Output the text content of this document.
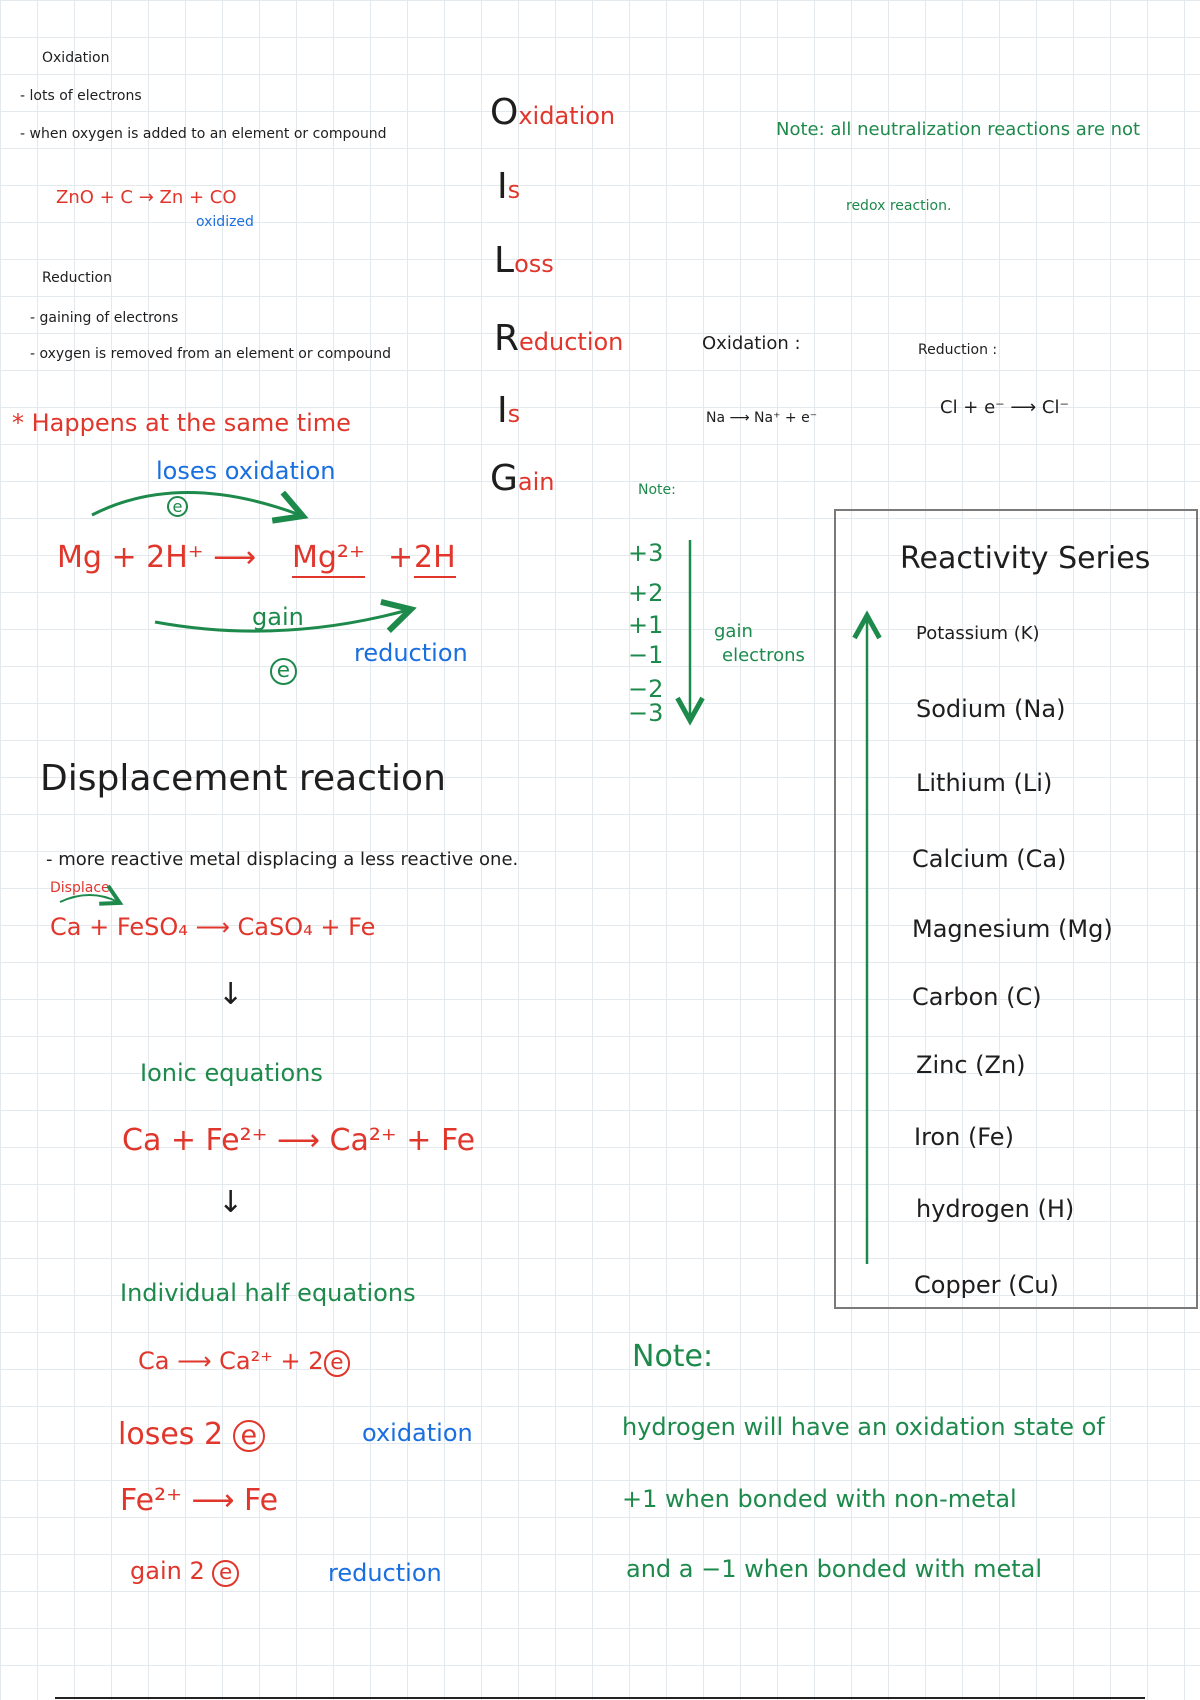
Oxidation

- lots of electrons

- when oxygen is added to an element or compound

ZnO + C → Zn + CO

oxidized

Reduction

- gaining of electrons

- oxygen is removed from an element or compound

* Happens at the same time

loses oxidation

e

Mg + 2H⁺ ⟶ Mg²⁺ + 2H

gain

e

reduction

Oxidation

Is

Loss

Reduction

Is

Gain

Note: all neutralization reactions are not

redox reaction.

Oxidation :

Na ⟶ Na⁺ + e⁻

Reduction :

Cl + e⁻ ⟶ Cl⁻

Note:

+3

+2

+1

−1

−2

−3

gain

electrons

Reactivity Series

Potassium (K)

Sodium (Na)

Lithium (Li)

Calcium (Ca)

Magnesium (Mg)

Carbon (C)

Zinc (Zn)

Iron (Fe)

hydrogen (H)

Copper (Cu)

Displacement reaction

- more reactive metal displacing a less reactive one.

Displace

Ca + FeSO₄ ⟶ CaSO₄ + Fe

↓

Ionic equations

Ca + Fe²⁺ ⟶ Ca²⁺ + Fe

↓

Individual half equations

Ca ⟶ Ca²⁺ + 2 e

loses 2 e	oxidation

Fe²⁺ ⟶ Fe

gain 2 e	reduction

Note:

hydrogen will have an oxidation state of

+1 when bonded with non-metal

and a −1 when bonded with metal
